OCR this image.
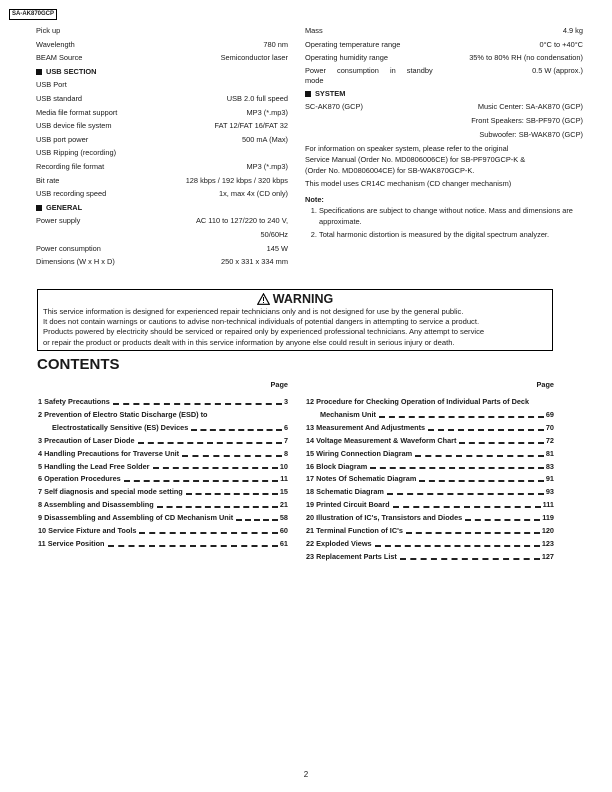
SA-AK870GCP
Pick up
Wavelength	780 nm
BEAM Source	Semiconductor laser
USB SECTION
USB Port
USB standard	USB 2.0 full speed
Media file format support	MP3 (*.mp3)
USB device file system	FAT 12/FAT 16/FAT 32
USB port power	500 mA (Max)
USB Ripping (recording)
Recording file format	MP3 (*.mp3)
Bit rate	128 kbps / 192 kbps / 320 kbps
USB recording speed	1x, max 4x (CD only)
GENERAL
Power supply	AC 110 to 127/220 to 240 V, 50/60Hz
Power consumption	145 W
Dimensions (W x H x D)	250 x 331 x 334 mm
Mass	4.9 kg
Operating temperature range	0°C to +40°C
Operating humidity range	35% to 80% RH (no condensation)
Power consumption in standby	0.5 W (approx.)
mode
SYSTEM
SC-AK870 (GCP)	Music Center: SA-AK870 (GCP)
Front Speakers: SB-PF970 (GCP)
Subwoofer: SB-WAK870 (GCP)
For information on speaker system, please refer to the original
Service Manual (Order No. MD0806006CE) for SB-PF970GCP-K &
(Order No. MD0806004CE) for SB-WAK870GCP-K.
This model uses CR14C mechanism (CD changer mechanism)
Note:
1. Specifications are subject to change without notice. Mass and dimensions are approximate.
2. Total harmonic distortion is measured by the digital spectrum analyzer.
WARNING
This service information is designed for experienced repair technicians only and is not designed for use by the general public.
It does not contain warnings or cautions to advise non-technical individuals of potential dangers in attempting to service a product.
Products powered by electricity should be serviced or repaired only by experienced professional technicians. Any attempt to service
or repair the product or products dealt with in this service information by anyone else could result in serious injury or death.
CONTENTS
Page
1 Safety Precautions	3
2 Prevention of Electro Static Discharge (ESD) to
Electrostatically Sensitive (ES) Devices	6
3 Precaution of Laser Diode	7
4 Handling Precautions for Traverse Unit	8
5 Handling the Lead Free Solder	10
6 Operation Procedures	11
7 Self diagnosis and special mode setting	15
8 Assembling and Disassembling	21
9 Disassembling and Assembling of CD Mechanism Unit	58
10 Service Fixture and Tools	60
11 Service Position	61
Page
12 Procedure for Checking Operation of Individual Parts of Deck
Mechanism Unit	69
13 Measurement And Adjustments	70
14 Voltage Measurement & Waveform Chart	72
15 Wiring Connection Diagram	81
16 Block Diagram	83
17 Notes Of Schematic Diagram	91
18 Schematic Diagram	93
19 Printed Circuit Board	111
20 Illustration of IC's, Transistors and Diodes	119
21 Terminal Function of IC's	120
22 Exploded Views	123
23 Replacement Parts List	127
2
